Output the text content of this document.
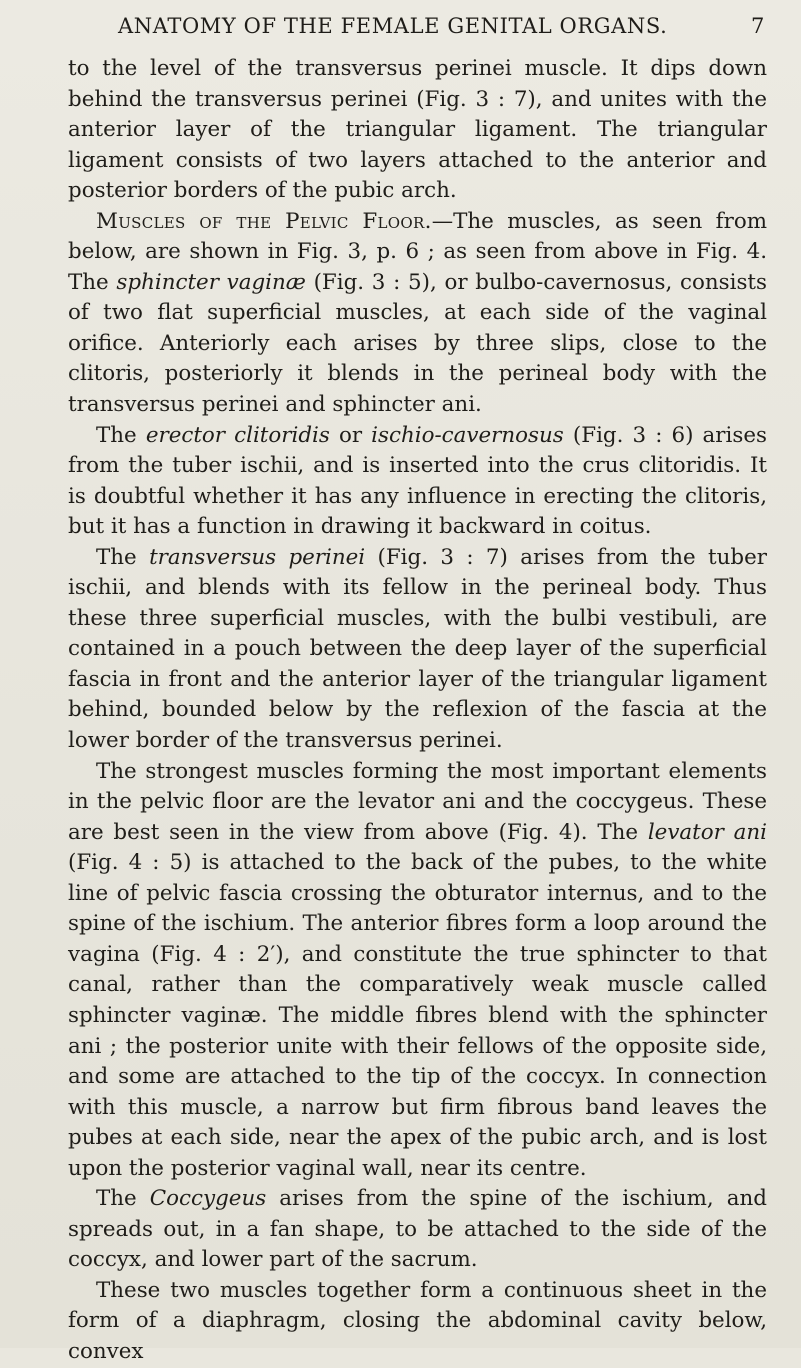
ANATOMY OF THE FEMALE GENITAL ORGANS.	7

to the level of the transversus perinei muscle. It dips down behind the transversus perinei (Fig. 3 : 7), and unites with the anterior layer of the triangular ligament. The triangular ligament consists of two layers attached to the anterior and posterior borders of the pubic arch.

Muscles of the Pelvic Floor.—The muscles, as seen from below, are shown in Fig. 3, p. 6 ; as seen from above in Fig. 4. The sphincter vaginæ (Fig. 3 : 5), or bulbo-cavernosus, consists of two flat superficial muscles, at each side of the vaginal orifice. Anteriorly each arises by three slips, close to the clitoris, posteriorly it blends in the perineal body with the transversus perinei and sphincter ani.

The erector clitoridis or ischio-cavernosus (Fig. 3 : 6) arises from the tuber ischii, and is inserted into the crus clitoridis. It is doubtful whether it has any influence in erecting the clitoris, but it has a function in drawing it backward in coitus.

The transversus perinei (Fig. 3 : 7) arises from the tuber ischii, and blends with its fellow in the perineal body. Thus these three superficial muscles, with the bulbi vestibuli, are contained in a pouch between the deep layer of the superficial fascia in front and the anterior layer of the triangular ligament behind, bounded below by the reflexion of the fascia at the lower border of the transversus perinei.

The strongest muscles forming the most important elements in the pelvic floor are the levator ani and the coccygeus. These are best seen in the view from above (Fig. 4). The levator ani (Fig. 4 : 5) is attached to the back of the pubes, to the white line of pelvic fascia crossing the obturator internus, and to the spine of the ischium. The anterior fibres form a loop around the vagina (Fig. 4 : 2′), and constitute the true sphincter to that canal, rather than the comparatively weak muscle called sphincter vaginæ. The middle fibres blend with the sphincter ani ; the posterior unite with their fellows of the opposite side, and some are attached to the tip of the coccyx. In connection with this muscle, a narrow but firm fibrous band leaves the pubes at each side, near the apex of the pubic arch, and is lost upon the posterior vaginal wall, near its centre.

The Coccygeus arises from the spine of the ischium, and spreads out, in a fan shape, to be attached to the side of the coccyx, and lower part of the sacrum.

These two muscles together form a continuous sheet in the form of a diaphragm, closing the abdominal cavity below, convex
